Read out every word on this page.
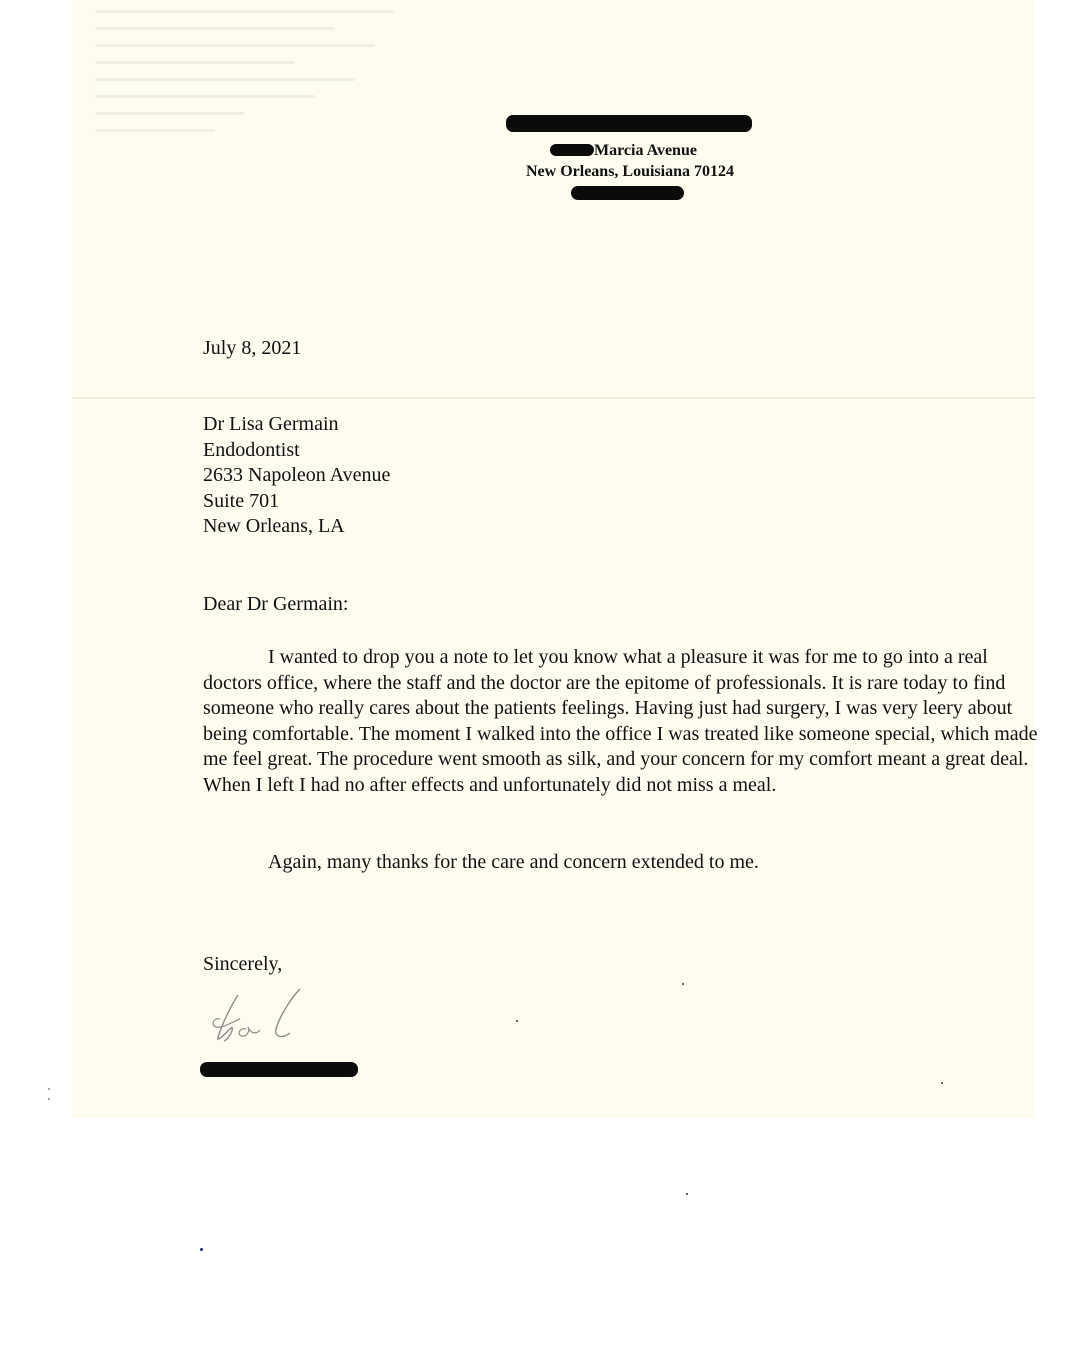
Marcia Avenue
New Orleans, Louisiana 70124
July 8, 2021
Dr Lisa Germain
Endodontist
2633 Napoleon Avenue
Suite 701
New Orleans, LA
Dear Dr Germain:
I wanted to drop you a note to let you know what a pleasure it was for me to go into a real doctors office, where the staff and the doctor are the epitome of professionals. It is rare today to find someone who really cares about the patients feelings. Having just had surgery, I was very leery about being comfortable. The moment I walked into the office I was treated like someone special, which made me feel great. The procedure went smooth as silk, and your concern for my comfort meant a great deal. When I left I had no after effects and unfortunately did not miss a meal.
Again, many thanks for the care and concern extended to me.
Sincerely,
